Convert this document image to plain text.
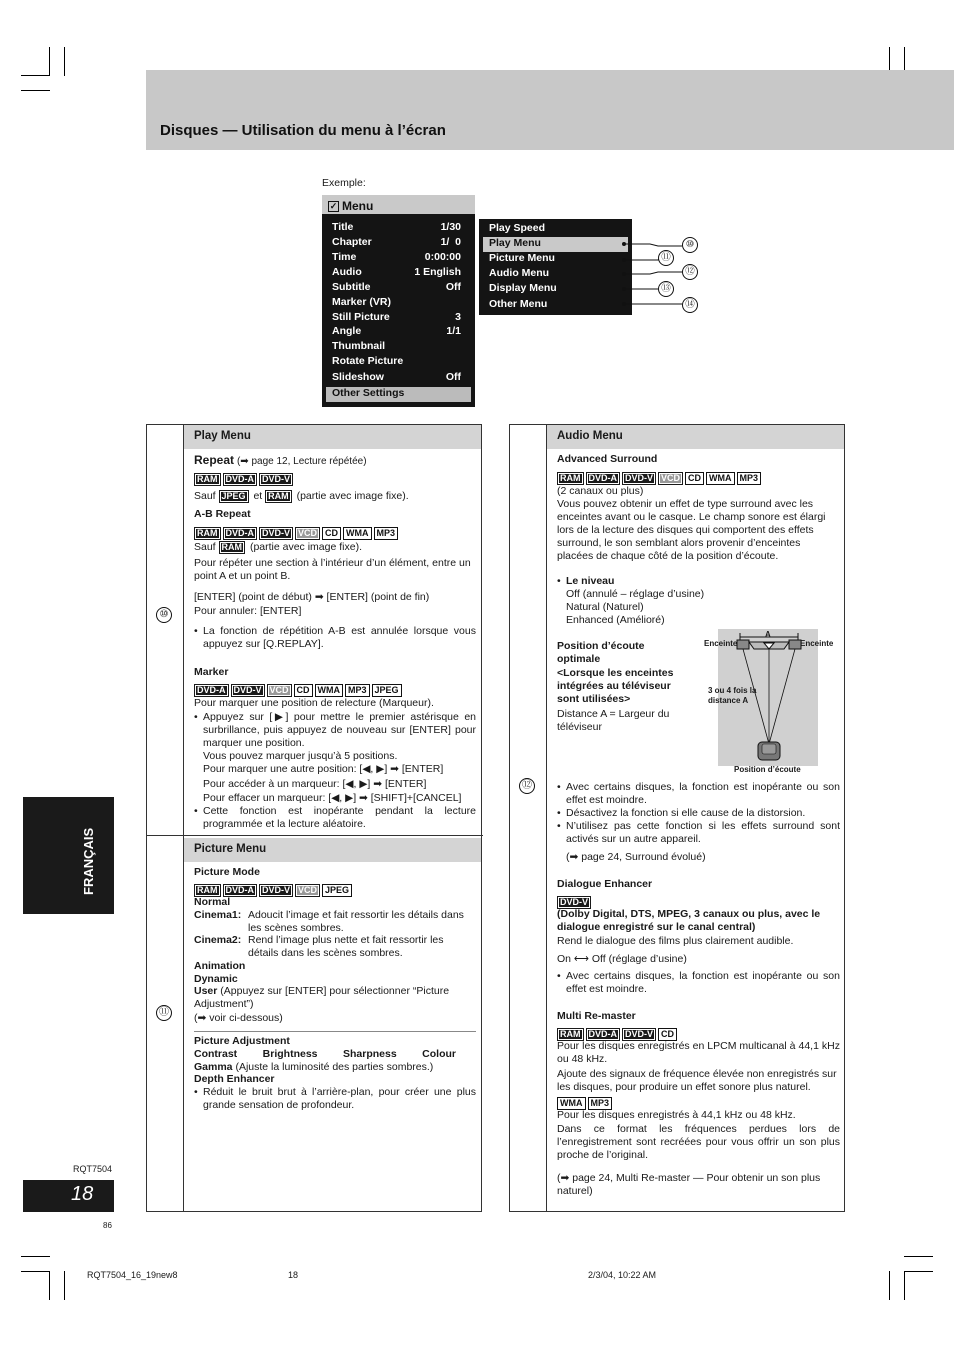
Disques — Utilisation du menu à l’écran
Exemple:
✓ Menu
Title	1/30
Chapter	1/  0
Time	0:00:00
Audio	1 English
Subtitle	Off
Marker (VR)
Still Picture	3
Angle	1/1
Thumbnail
Rotate Picture
Slideshow	Off
Other Settings
Play Speed
Play Menu
Picture Menu
Audio Menu
Display Menu
Other Menu
⑩
⑪
⑫
⑬
⑭
⑩
⑪
Play Menu
Repeat (➡ page 12, Lecture répétée)
RAM DVD-A DVD-V
Sauf JPEG et RAM (partie avec image fixe).
A-B Repeat
RAM DVD-A DVD-V VCD CD WMA MP3
Sauf RAM (partie avec image fixe).
Pour répéter une section à l’intérieur d’un élément, entre un point A et un point B.
[ENTER] (point de début) ➡ [ENTER] (point de fin)
Pour annuler: [ENTER]
• La fonction de répétition A-B est annulée lorsque vous appuyez sur [Q.REPLAY].
Marker
DVD-A DVD-V VCD CD WMA MP3 JPEG
Pour marquer une position de relecture (Marqueur).
• Appuyez sur [▶] pour mettre le premier astérisque en surbrillance, puis appuyez de nouveau sur [ENTER] pour marquer une position.
Vous pouvez marquer jusqu’à 5 positions.
Pour marquer une autre position: [◀, ▶] ➡ [ENTER]

Pour accéder à un marqueur: [◀, ▶] ➡ [ENTER]
Pour effacer un marqueur: [◀, ▶] ➡ [SHIFT]+[CANCEL]
• Cette fonction est inopérante pendant la lecture programmée et la lecture aléatoire.
Picture Menu
Picture Mode
RAM DVD-A DVD-V VCD JPEG
Normal
Cinema1: Adoucit l’image et fait ressortir les détails dans les scènes sombres.
Cinema2: Rend l’image plus nette et fait ressortir les détails dans les scènes sombres.
Animation
Dynamic
User (Appuyez sur [ENTER] pour sélectionner “Picture Adjustment”)
(➡ voir ci-dessous)
Picture Adjustment
Contrast Brightness Sharpness Colour
Gamma (Ajuste la luminosité des parties sombres.)
Depth Enhancer
• Réduit le bruit brut à l’arrière-plan, pour créer une plus grande sensation de profondeur.
⑫
Audio Menu
Advanced Surround
RAM DVD-A DVD-V VCD CD WMA MP3
(2 canaux ou plus)
Vous pouvez obtenir un effet de type surround avec les enceintes avant ou le casque. Le champ sonore est élargi lors de la lecture des disques qui comportent des effets surround, le son semblant alors provenir d’enceintes placées de chaque côté de la position d’écoute.
• Le niveau
Off (annulé – réglage d’usine)
Natural (Naturel)
Enhanced (Amélioré)
Position d’écoute optimale
<Lorsque les enceintes intégrées au téléviseur sont utilisées>
Distance A = Largeur du téléviseur
A
Enceinte	Enceinte
3 ou 4 fois la distance A
Position d’écoute
• Avec certains disques, la fonction est inopérante ou son effet est moindre.
• Désactivez la fonction si elle cause de la distorsion.
• N’utilisez pas cette fonction si les effets surround sont activés sur un autre appareil.
(➡ page 24, Surround évolué)
Dialogue Enhancer
DVD-V
(Dolby Digital, DTS, MPEG, 3 canaux ou plus, avec le dialogue enregistré sur le canal central)
Rend le dialogue des films plus clairement audible.
On ⟷ Off (réglage d’usine)
• Avec certains disques, la fonction est inopérante ou son effet est moindre.
Multi Re-master
RAM DVD-A DVD-V CD
Pour les disques enregistrés en LPCM multicanal à 44,1 kHz ou 48 kHz.
Ajoute des signaux de fréquence élevée non enregistrés sur les disques, pour produire un effet sonore plus naturel.
WMA MP3
Pour les disques enregistrés à 44,1 kHz ou 48 kHz.
Dans ce format les fréquences perdues lors de l’enregistrement sont recréées pour vous offrir un son plus proche de l’original.
(➡ page 24, Multi Re-master — Pour obtenir un son plus naturel)
FRANÇAIS
RQT7504
18
86
RQT7504_16_19new8	18	2/3/04, 10:22 AM
